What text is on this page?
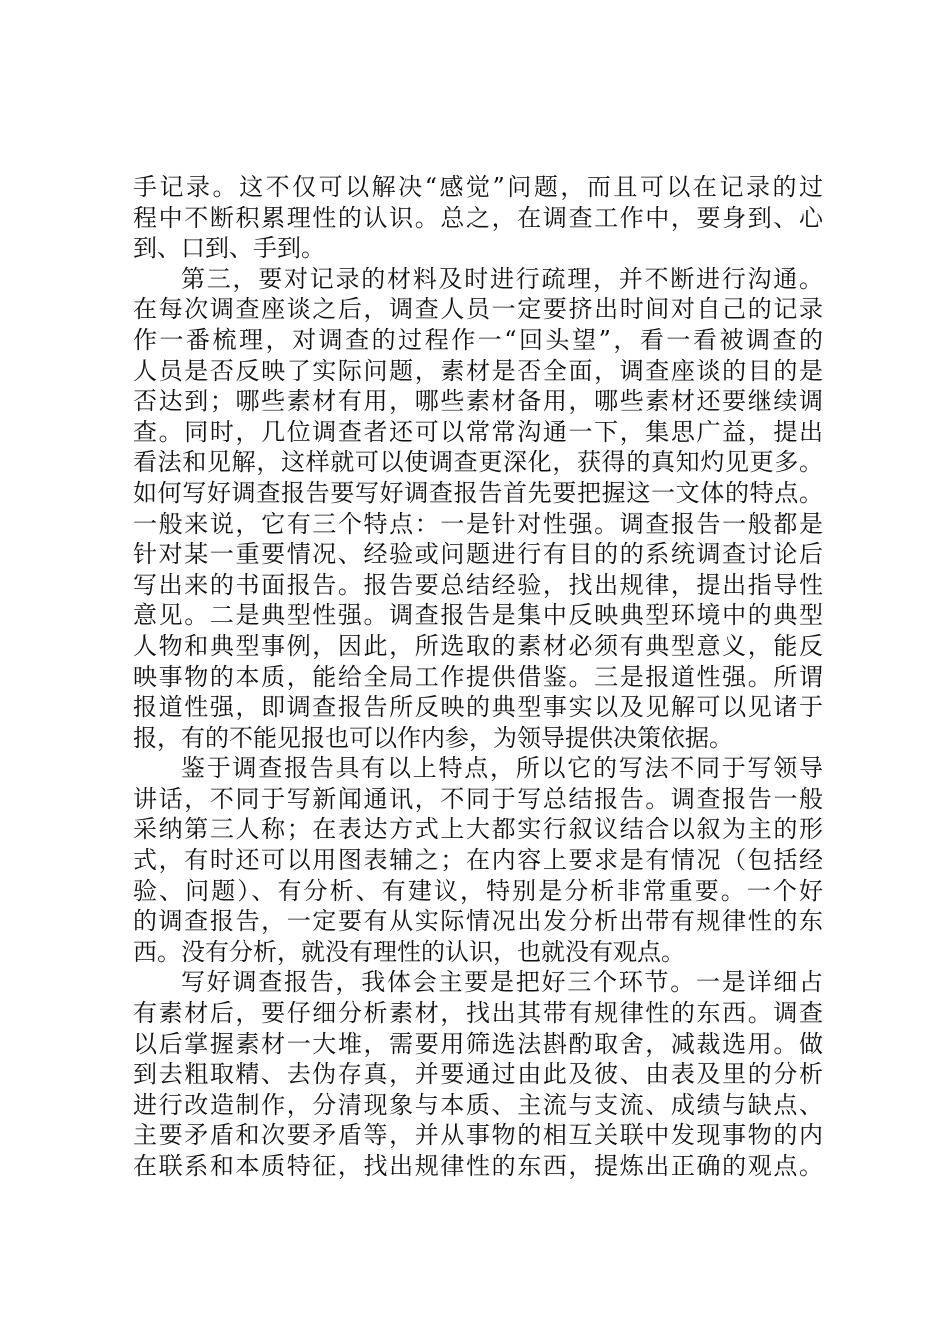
手记录。这不仅可以解决“感觉”问题，而且可以在记录的过
程中不断积累理性的认识。总之，在调查工作中，要身到、心
到、口到、手到。
第三，要对记录的材料及时进行疏理，并不断进行沟通。
在每次调查座谈之后，调查人员一定要挤出时间对自己的记录
作一番梳理，对调查的过程作一“回头望”，看一看被调查的
人员是否反映了实际问题，素材是否全面，调查座谈的目的是
否达到；哪些素材有用，哪些素材备用，哪些素材还要继续调
查。同时，几位调查者还可以常常沟通一下，集思广益，提出
看法和见解，这样就可以使调查更深化，获得的真知灼见更多。
如何写好调查报告要写好调查报告首先要把握这一文体的特点。
一般来说，它有三个特点：一是针对性强。调查报告一般都是
针对某一重要情况、经验或问题进行有目的的系统调查讨论后
写出来的书面报告。报告要总结经验，找出规律，提出指导性
意见。二是典型性强。调查报告是集中反映典型环境中的典型
人物和典型事例，因此，所选取的素材必须有典型意义，能反
映事物的本质，能给全局工作提供借鉴。三是报道性强。所谓
报道性强，即调查报告所反映的典型事实以及见解可以见诸于
报，有的不能见报也可以作内参，为领导提供决策依据。
鉴于调查报告具有以上特点，所以它的写法不同于写领导
讲话，不同于写新闻通讯，不同于写总结报告。调查报告一般
采纳第三人称；在表达方式上大都实行叙议结合以叙为主的形
式，有时还可以用图表辅之；在内容上要求是有情况（包括经
验、问题）、有分析、有建议，特别是分析非常重要。一个好
的调查报告，一定要有从实际情况出发分析出带有规律性的东
西。没有分析，就没有理性的认识，也就没有观点。
写好调查报告，我体会主要是把好三个环节。一是详细占
有素材后，要仔细分析素材，找出其带有规律性的东西。调查
以后掌握素材一大堆，需要用筛选法斟酌取舍，减裁选用。做
到去粗取精、去伪存真，并要通过由此及彼、由表及里的分析
进行改造制作，分清现象与本质、主流与支流、成绩与缺点、
主要矛盾和次要矛盾等，并从事物的相互关联中发现事物的内
在联系和本质特征，找出规律性的东西，提炼出正确的观点。
